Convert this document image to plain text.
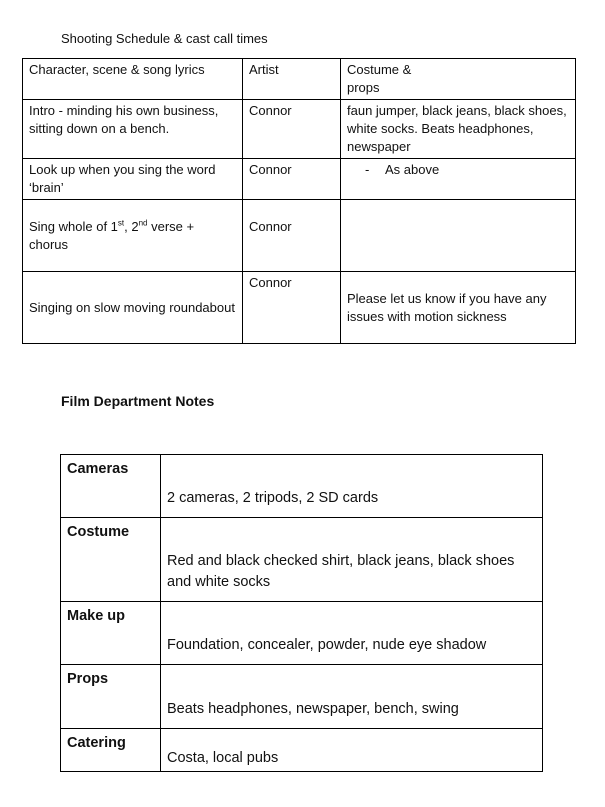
Shooting Schedule & cast call times
Character, scene & song lyrics	Artist	Costume &
props

Intro - minding his own business, sitting down on a bench.	Connor	faun jumper, black jeans, black shoes, white socks. Beats headphones, newspaper
Look up when you sing the word ‘brain’	Connor	- As above

Sing whole of 1st, 2nd verse + chorus	Connor	
Singing on slow moving roundabout	Connor	Please let us know if you have any issues with motion sickness
Film Department Notes
Cameras	2 cameras, 2 tripods, 2 SD cards
Costume	Red and black checked shirt, black jeans, black shoes and white socks
Make up	Foundation, concealer, powder, nude eye shadow
Props	Beats headphones, newspaper, bench, swing
Catering	Costa, local pubs
